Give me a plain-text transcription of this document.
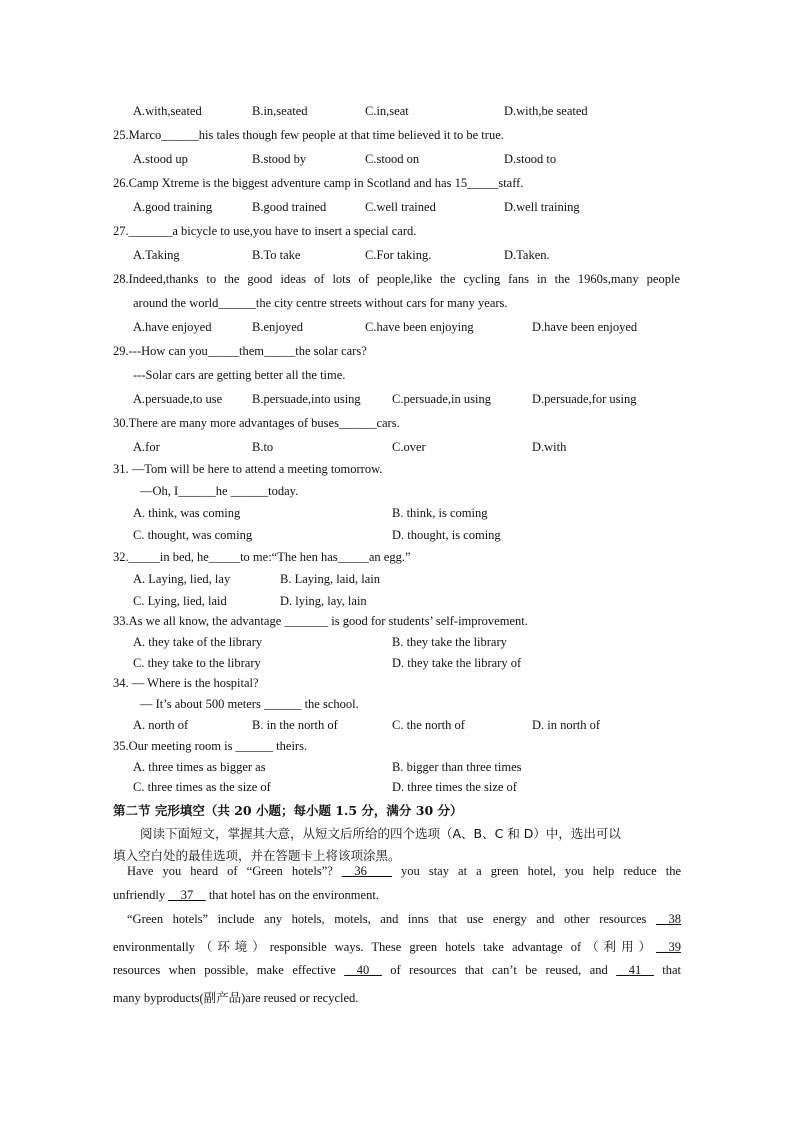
A.with,seated	B.in,seated	C.in,seat	D.with,be seated
25.Marco______his tales though few people at that time believed it to be true.
A.stood up	B.stood by	C.stood on	D.stood to
26.Camp Xtreme is the biggest adventure camp in Scotland and has 15_____staff.
A.good training	B.good trained	C.well trained	D.well training
27._______a bicycle to use,you have to insert a special card.
A.Taking	B.To take	C.For taking.	D.Taken.
28.Indeed,thanks to the good ideas of lots of people,like the cycling fans in the 1960s,many people
around the world______the city centre streets without cars for many years.
A.have enjoyed	B.enjoyed	C.have been enjoying	D.have been enjoyed
29.---How can you_____them_____the solar cars?
---Solar cars are getting better all the time.
A.persuade,to use B.persuade,into using	C.persuade,in using	D.persuade,for using
30.There are many more advantages of buses______cars.
A.for	B.to	C.over	D.with
31. —Tom will be here to attend a meeting tomorrow.
—Oh, I______he ______today.
A. think, was coming	B. think, is coming
C. thought, was coming	D. thought, is coming
32._____in bed, he_____to me:“The hen has_____an egg.”
A. Laying, lied, lay	B. Laying, laid, lain
C. Lying, lied, laid	D. lying, lay, lain
33.As we all know, the advantage _______ is good for students’ self-improvement.
A. they take of the library	B. they take the library
C. they take to the library	D. they take the library of
34. — Where is the hospital?
— It’s about 500 meters ______ the school.
A. north of	B. in the north of	C. the north of	D. in north of
35.Our meeting room is ______ theirs.
A. three times as bigger as	B. bigger than three times
C. three times as the size of	D. three times the size of
第二节 完形填空（共 20 小题；每小题 1.5 分，满分 30 分）
阅读下面短文，掌握其大意，从短文后所给的四个选项（A、B、C 和 D）中，选出可以
填入空白处的最佳选项，并在答题卡上将该项涂黑。
Have you heard of “Green hotels”? __36____ you stay at a green hotel, you help reduce the
unfriendly __37__ that hotel has on the environment.
“Green hotels” include any hotels, motels, and inns that use energy and other resources __38
environmentally（环境）responsible ways. These green hotels take advantage of（利用）__39
resources when possible, make effective __40__ of resources that can’t be reused, and __41__ that
many byproducts(副产品)are reused or recycled.
